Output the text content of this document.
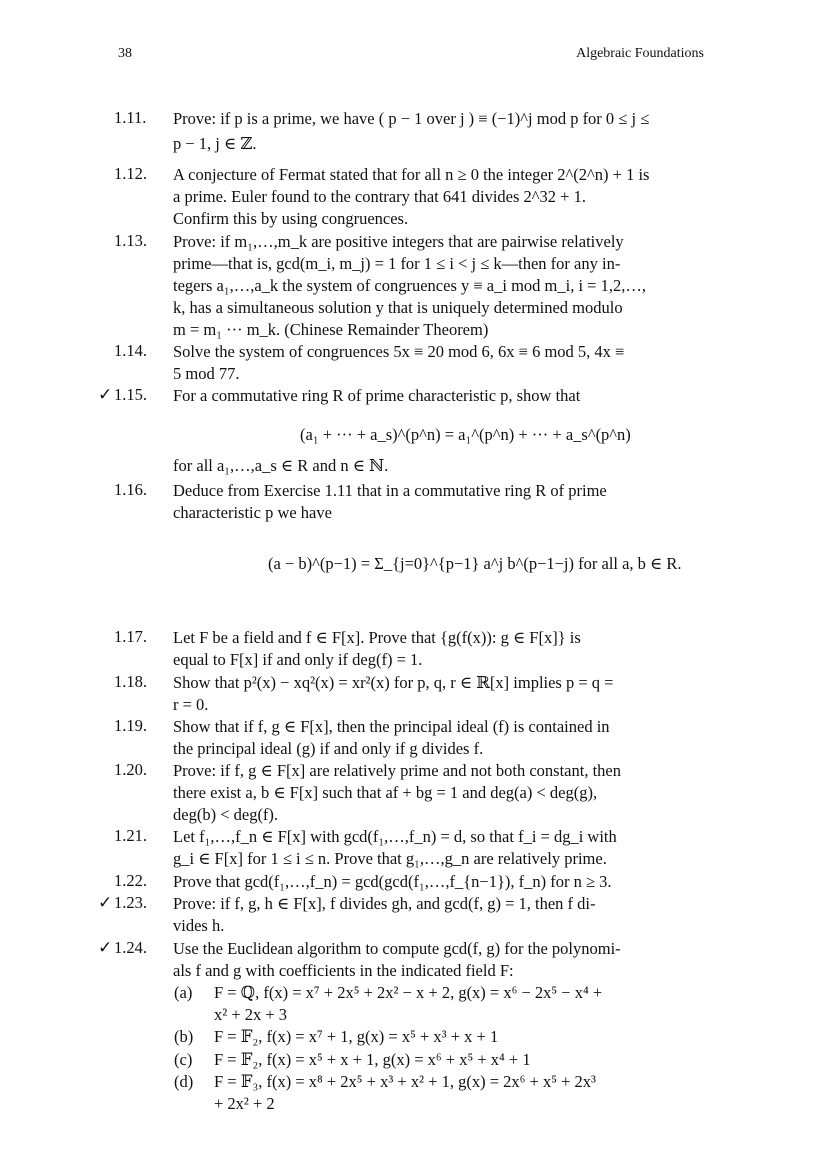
38	Algebraic Foundations
1.11. Prove: if p is a prime, we have ( p − 1 over j ) ≡ (−1)^j mod p for 0 ≤ j ≤
p − 1, j ∈ ℤ.
1.12. A conjecture of Fermat stated that for all n ≥ 0 the integer 2^(2^n) + 1 is
a prime. Euler found to the contrary that 641 divides 2^32 + 1.
Confirm this by using congruences.
1.13. Prove: if m₁,…,m_k are positive integers that are pairwise relatively
prime—that is, gcd(m_i, m_j) = 1 for 1 ≤ i < j ≤ k—then for any in-
tegers a₁,…,a_k the system of congruences y ≡ a_i mod m_i, i = 1,2,…,
k, has a simultaneous solution y that is uniquely determined modulo
m = m₁ ··· m_k. (Chinese Remainder Theorem)
1.14. Solve the system of congruences 5x ≡ 20 mod 6, 6x ≡ 6 mod 5, 4x ≡
5 mod 77.
✓ 1.15. For a commutative ring R of prime characteristic p, show that
(a₁ + ··· + a_s)^(p^n) = a₁^(p^n) + ··· + a_s^(p^n)
for all a₁,…,a_s ∈ R and n ∈ ℕ.
1.16. Deduce from Exercise 1.11 that in a commutative ring R of prime
characteristic p we have
(a − b)^(p−1) = Σ_{j=0}^{p−1} a^j b^(p−1−j) for all a, b ∈ R.
1.17. Let F be a field and f ∈ F[x]. Prove that {g(f(x)): g ∈ F[x]} is
equal to F[x] if and only if deg(f) = 1.
1.18. Show that p²(x) − xq²(x) = xr²(x) for p, q, r ∈ ℝ[x] implies p = q =
r = 0.
1.19. Show that if f, g ∈ F[x], then the principal ideal (f) is contained in
the principal ideal (g) if and only if g divides f.
1.20. Prove: if f, g ∈ F[x] are relatively prime and not both constant, then
there exist a, b ∈ F[x] such that af + bg = 1 and deg(a) < deg(g),
deg(b) < deg(f).
1.21. Let f₁,…,f_n ∈ F[x] with gcd(f₁,…,f_n) = d, so that f_i = dg_i with
g_i ∈ F[x] for 1 ≤ i ≤ n. Prove that g₁,…,g_n are relatively prime.
1.22. Prove that gcd(f₁,…,f_n) = gcd(gcd(f₁,…,f_{n−1}), f_n) for n ≥ 3.
✓ 1.23. Prove: if f, g, h ∈ F[x], f divides gh, and gcd(f, g) = 1, then f di-
vides h.
✓ 1.24. Use the Euclidean algorithm to compute gcd(f, g) for the polynomi-
als f and g with coefficients in the indicated field F:
(a) F = ℚ, f(x) = x⁷ + 2x⁵ + 2x² − x + 2, g(x) = x⁶ − 2x⁵ − x⁴ +
x² + 2x + 3
(b) F = 𝔽₂, f(x) = x⁷ + 1, g(x) = x⁵ + x³ + x + 1
(c) F = 𝔽₂, f(x) = x⁵ + x + 1, g(x) = x⁶ + x⁵ + x⁴ + 1
(d) F = 𝔽₃, f(x) = x⁸ + 2x⁵ + x³ + x² + 1, g(x) = 2x⁶ + x⁵ + 2x³
+ 2x² + 2
